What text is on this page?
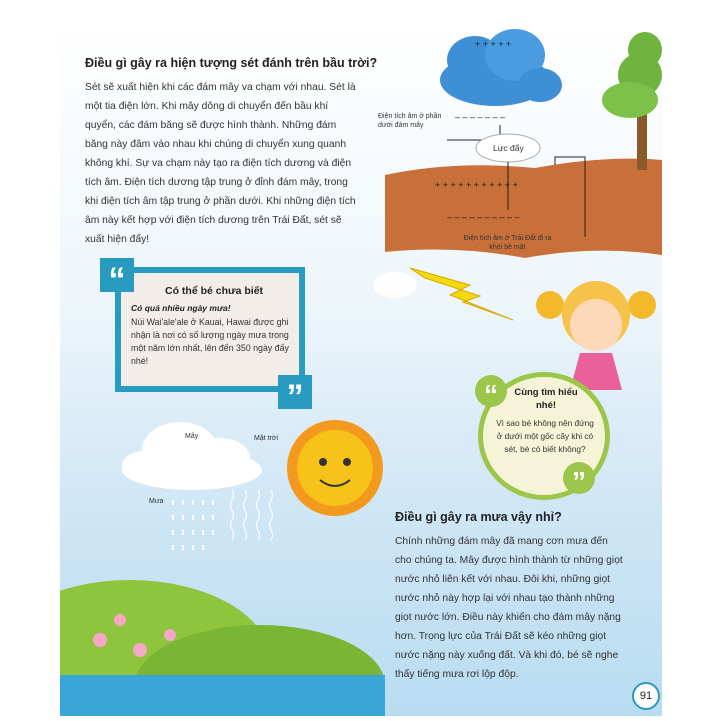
+ + + + +
– – – – – – –
+ + + + + + + + + + +
– – – – – – – – – –
Điều gì gây ra hiện tượng sét đánh trên bầu trời?
Sét sẽ xuất hiện khi các đám mây va chạm với nhau. Sét là một tia điện lớn. Khi mây dông di chuyển đến bầu khí quyển, các đám băng sẽ được hình thành. Những đám băng này đâm vào nhau khi chúng di chuyển xung quanh không khí. Sự va chạm này tạo ra điện tích dương và điện tích âm. Điện tích dương tập trung ở đỉnh đám mây, trong khi điện tích âm tập trung ở phần dưới. Khi những điện tích âm này kết hợp với điện tích dương trên Trái Đất, sét sẽ xuất hiện đấy!
Điện tích âm ở phần dưới đám mây
Lực đẩy
Điện tích âm ở Trái Đất đi ra khỏi bề mặt
Có thể bé chưa biết
Có quá nhiều ngày mưa!
Núi Wai'ale'ale ở Kauai, Hawai được ghi nhận là nơi có số lượng ngày mưa trong một năm lớn nhất, lên đến 350 ngày đấy nhé!
“
”	Cùng tìm hiểu nhé!
Vì sao bé không nên đứng ở dưới một gốc cây khi có sét, bé có biết không?
“
”
Mây	Mặt trời
Mưa
Điều gì gây ra mưa vậy nhỉ?
Chính những đám mây đã mang cơn mưa đến cho chúng ta. Mây được hình thành từ những giọt nước nhỏ liên kết với nhau. Đôi khi, những giọt nước nhỏ này hợp lại với nhau tạo thành những giọt nước lớn. Điều này khiến cho đám mây nặng hơn. Trọng lực của Trái Đất sẽ kéo những giọt nước nặng này xuống đất. Và khi đó, bé sẽ nghe thấy tiếng mưa rơi lộp độp.
91
